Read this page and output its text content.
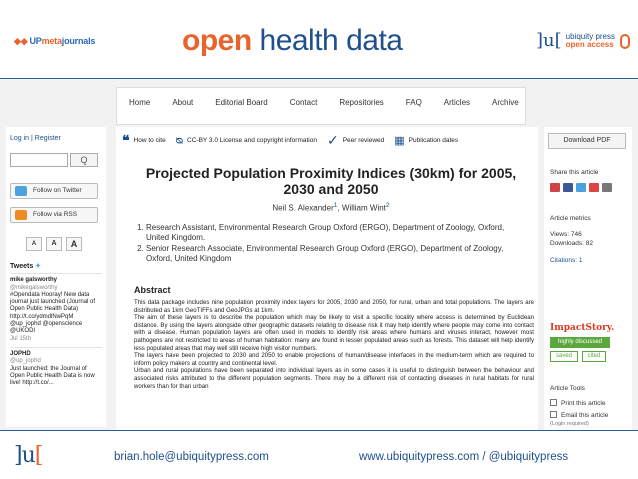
◆◆ UPmetajournals	open health data	]u[ ubiquity press
open access
Home	About	Editorial Board	Contact	Repositories	FAQ	Articles	Archive
Log in | Register
Q
Follow on Twitter
Follow via RSS
A	A	A
Tweets ✦
mike galsworthy
@mikegalsworthy
#Opendata Hooray! New data journal just launched (Journal of Open Public Health Data) http://t.co/ydmdlNwPqM @up_jophd @openscience @UKODI
Jul 15th
JOPHD
@up_jophd
Just launched: the Journal of Open Public Health Data is now live! http://t.co/...
❝ How to cite ᴓ CC-BY 3.0 License and copyright information ✓ Peer reviewed ▦ Publication dates
Projected Population Proximity Indices (30km) for 2005,
2030 and 2050
Neil S. Alexander$^1$, William Wint$^2$
1. Research Assistant, Environmental Research Group Oxford (ERGO), Department of Zoology, Oxford, United Kingdom.
2. Senior Research Associate, Environmental Research Group Oxford (ERGO), Department of Zoology, Oxford, United Kingdom
Abstract

This data package includes nine population proximity index layers for 2005, 2030 and 2050, for rural, urban and total populations. The layers are distributed as 1km GeoTIFFs and GeoJPGs at 1km.

The aim of these layers is to describe the population which may be likely to visit a specific locality where access is determined by Euclidean distance. By using the layers alongside other geographic datasets relating to disease risk it may help identify where people may come into contact with a disease. Human population layers are often used in models to identify risk areas where humans and viruses interact, however most pathogens are not restricted to areas of human habitation: many are found in lesser populated areas such as forests. This dataset will help identify less populated areas that may well still receive high visitor numbers.

The layers have been projected to 2030 and 2050 to enable projections of human/disease interfaces in the medium-term which are required to inform policy makers at country and continental level.

Urban and rural populations have been separated into individual layers as in some cases it is useful to distinguish between the behaviour and associated risks attributed to the different population segments. There may be a different risk of contacting diseases in rural habitats for rural workers than for than urban

Download PDF
Share this article
Article metrics
Views: 746
Downloads: 82
Citations: 1
ImpactStory.
highly discussed
saved	cited
Article Tools
Print this article
Email this article
(Login required)
]u[	brian.hole@ubiquitypress.com	www.ubiquitypress.com / @ubiquitypress
